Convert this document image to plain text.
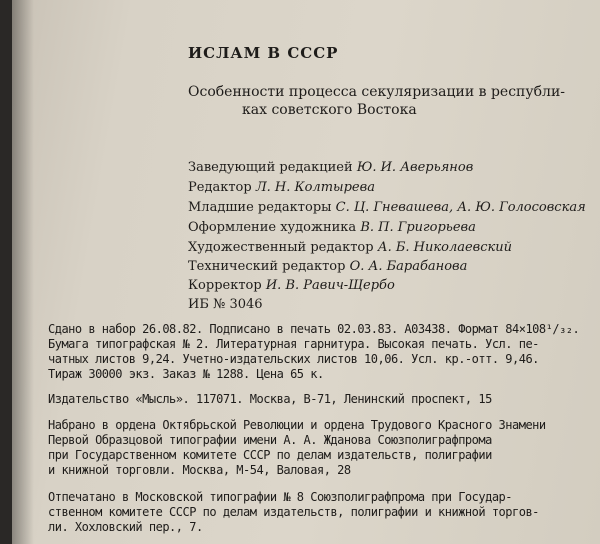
ИСЛАМ В СССР
Особенности процесса секуляризации в республи-
ках советского Востока
Заведующий редакцией Ю. И. Аверьянов
Редактор Л. Н. Колтырева
Младшие редакторы С. Ц. Гневашева, А. Ю. Голосовская
Оформление художника В. П. Григорьева
Художественный редактор А. Б. Николаевский
Технический редактор О. А. Барабанова
Корректор И. В. Равич-Щербо
ИБ № 3046
Сдано в набор 26.08.82. Подписано в печать 02.03.83. А03438. Формат 84×108¹/₃₂.
Бумага типографская № 2. Литературная гарнитура. Высокая печать. Усл. пе-
чатных листов 9,24. Учетно-издательских листов 10,06. Усл. кр.-отт. 9,46.
Тираж 30000 экз. Заказ № 1288. Цена 65 к.
Издательство «Мысль». 117071. Москва, В-71, Ленинский проспект, 15
Набрано в ордена Октябрьской Революции и ордена Трудового Красного Знамени
Первой Образцовой типографии имени А. А. Жданова Союзполиграфпрома
при Государственном комитете СССР по делам издательств, полиграфии
и книжной торговли. Москва, М-54, Валовая, 28
Отпечатано в Московской типографии № 8 Союзполиграфпрома при Государ-
ственном комитете СССР по делам издательств, полиграфии и книжной торгов-
ли. Хохловский пер., 7.
